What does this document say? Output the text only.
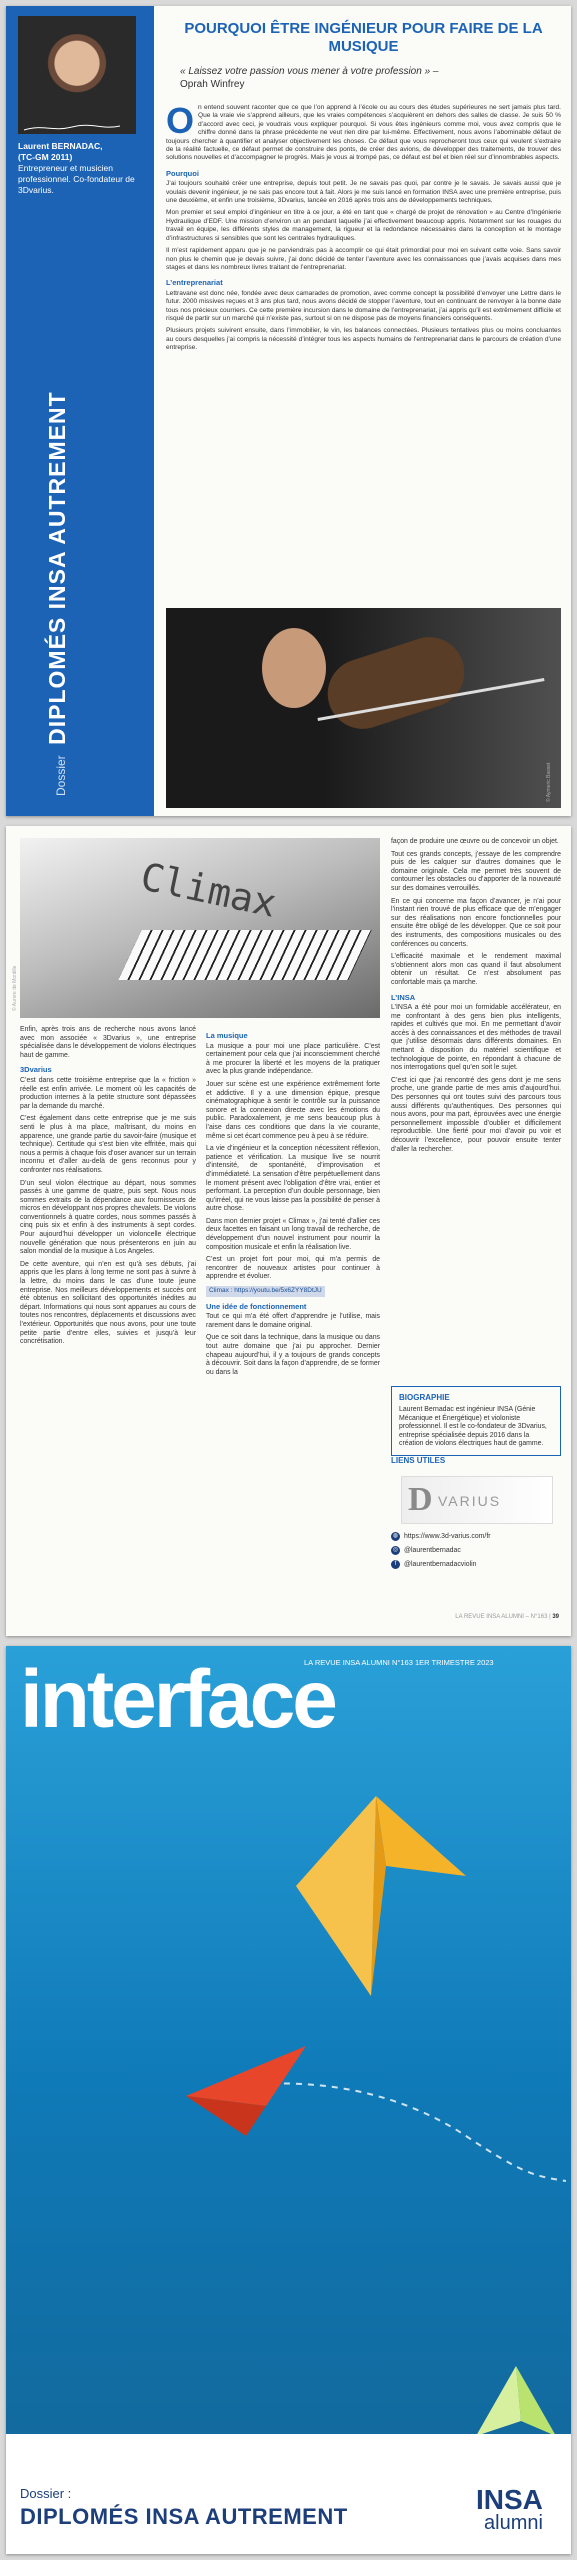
Laurent BERNADAC,
(TC-GM 2011)
Entrepreneur et musicien professionnel. Co-fondateur de 3Dvarius.
Dossier DIPLOMÉS INSA AUTREMENT
POURQUOI ÊTRE INGÉNIEUR POUR FAIRE DE LA MUSIQUE
« Laissez votre passion vous mener à votre profession » –
Oprah Winfrey

On entend souvent raconter que ce que l’on apprend à l’école ou au cours des études supérieures ne sert jamais plus tard. Que la vraie vie s’apprend ailleurs, que les vraies compétences s’acquièrent en dehors des salles de classe. Je suis 50 % d’accord avec ceci, je voudrais vous expliquer pourquoi. Si vous êtes ingénieurs comme moi, vous avez compris que le chiffre donné dans la phrase précédente ne veut rien dire par lui-même. Effectivement, nous avons l’abominable défaut de toujours chercher à quantifier et analyser objectivement les choses. Ce défaut que vous reprocheront tous ceux qui veulent s’extraire de la réalité factuelle, ce défaut permet de construire des ponts, de créer des avions, de développer des traitements, de trouver des solutions nouvelles et d’accompagner le progrès. Mais je vous ai trompé pas, ce défaut est bel et bien réel sur d’innombrables aspects.

Pourquoi

J’ai toujours souhaité créer une entreprise, depuis tout petit. Je ne savais pas quoi, par contre je le savais. Je savais aussi que je voulais devenir ingénieur, je ne sais pas encore tout à fait. Alors je me suis lancé en formation INSA avec une première entreprise, puis une deuxième, et enfin une troisième, 3Dvarius, lancée en 2016 après trois ans de développements techniques.

Mon premier et seul emploi d’ingénieur en titre à ce jour, a été en tant que « chargé de projet de rénovation » au Centre d’Ingénierie Hydraulique d’EDF. Une mission d’environ un an pendant laquelle j’ai effectivement beaucoup appris. Notamment sur les rouages du travail en équipe, les différents styles de management, la rigueur et la redondance nécessaires dans la conception et le montage d’infrastructures si sensibles que sont les centrales hydrauliques.

Il m’est rapidement apparu que je ne parviendrais pas à accomplir ce qui était primordial pour moi en suivant cette voie. Sans savoir non plus le chemin que je devais suivre, j’ai donc décidé de tenter l’aventure avec les connaissances que j’avais acquises dans mes stages et dans les nombreux livres traitant de l’entreprenariat.

L’entreprenariat

Lettravane est donc née, fondée avec deux camarades de promotion, avec comme concept la possibilité d’envoyer une Lettre dans le futur. 2000 missives reçues et 3 ans plus tard, nous avons décidé de stopper l’aventure, tout en continuant de renvoyer à la bonne date tous nos précieux courriers. Ce cette première incursion dans le domaine de l’entreprenariat, j’ai appris qu’il est extrêmement difficile et risqué de partir sur un marché qui n’existe pas, surtout si on ne dispose pas de moyens financiers conséquents.

Plusieurs projets suivirent ensuite, dans l’immobilier, le vin, les balances connectées. Plusieurs tentatives plus ou moins concluantes au cours desquelles j’ai compris la nécessité d’intégrer tous les aspects humains de l’entreprenariat dans le parcours de création d’une entreprise.

© Aymeric Basset
Climax
© Aurore de Montille

Enfin, après trois ans de recherche nous avons lancé avec mon associée « 3Dvarius », une entreprise spécialisée dans le développement de violons électriques haut de gamme.

3Dvarius

C’est dans cette troisième entreprise que la « friction » réelle est enfin arrivée. Le moment où les capacités de production internes à la petite structure sont dépassées par la demande du marché.

C’est également dans cette entreprise que je me suis senti le plus à ma place, maîtrisant, du moins en apparence, une grande partie du savoir-faire (musique et technique). Certitude qui s’est bien vite effritée, mais qui nous a permis à chaque fois d’oser avancer sur un terrain inconnu et d’aller au-delà de gens reconnus pour y confronter nos réalisations.

D’un seul violon électrique au départ, nous sommes passés à une gamme de quatre, puis sept. Nous nous sommes extraits de la dépendance aux fournisseurs de micros en développant nos propres chevalets. De violons conventionnels à quatre cordes, nous sommes passés à cinq puis six et enfin à des instruments à sept cordes. Pour aujourd’hui développer un violoncelle électrique nouvelle génération que nous présenterons en juin au salon mondial de la musique à Los Angeles.

De cette aventure, qui n’en est qu’à ses débuts, j’ai appris que les plans à long terme ne sont pas à suivre à la lettre, du moins dans le cas d’une toute jeune entreprise. Nos meilleurs développements et succès ont été obtenus en sollicitant des opportunités inédites au départ. Informations qui nous sont apparues au cours de toutes nos rencontres, déplacements et discussions avec l’extérieur. Opportunités que nous avons, pour une toute petite partie d’entre elles, suivies et jusqu’à leur concrétisation.

La musique

La musique a pour moi une place particulière. C’est certainement pour cela que j’ai inconsciemment cherché à me procurer la liberté et les moyens de la pratiquer avec la plus grande indépendance.

Jouer sur scène est une expérience extrêmement forte et addictive. Il y a une dimension épique, presque cinématographique à sentir le contrôle sur la puissance sonore et la connexion directe avec les émotions du public. Paradoxalement, je me sens beaucoup plus à l’aise dans ces conditions que dans la vie courante, même si cet écart commence peu à peu à se réduire.

La vie d’ingénieur et la conception nécessitent réflexion, patience et vérification. La musique live se nourrit d’intensité, de spontanéité, d’improvisation et d’immédiateté. La sensation d’être perpétuellement dans le moment présent avec l’obligation d’être vrai, entier et performant. La perception d’un double personnage, bien qu’irréel, qui ne vous laisse pas la possibilité de penser à autre chose.

Dans mon dernier projet « Climax », j’ai tenté d’allier ces deux facettes en faisant un long travail de recherche, de développement d’un nouvel instrument pour nourrir la composition musicale et enfin la réalisation live.

C’est un projet fort pour moi, qui m’a permis de rencontrer de nouveaux artistes pour continuer à apprendre et évoluer.

Climax : https://youtu.be/5x6ZYY8DtJU

Une idée de fonctionnement

Tout ce qui m’a été offert d’apprendre je l’utilise, mais rarement dans le domaine original.

Que ce soit dans la technique, dans la musique ou dans tout autre domaine que j’ai pu approcher. Dernier chapeau aujourd’hui, il y a toujours de grands concepts à découvrir. Soit dans la façon d’apprendre, de se former ou dans la

façon de produire une œuvre ou de concevoir un objet.

Tout ces grands concepts, j’essaye de les comprendre puis de les calquer sur d’autres domaines que le domaine originale. Cela me permet très souvent de contourner les obstacles ou d’apporter de la nouveauté sur des domaines verrouillés.

En ce qui concerne ma façon d’avancer, je n’ai pour l’instant rien trouvé de plus efficace que de m’engager sur des réalisations non encore fonctionnelles pour ensuite être obligé de les développer. Que ce soit pour des instruments, des compositions musicales ou des conférences ou concerts.

L’efficacité maximale et le rendement maximal s’obtiennent alors mon cas quand il faut absolument obtenir un résultat. Ce n’est absolument pas confortable mais ça marche.

L’INSA

L’INSA a été pour moi un formidable accélérateur, en me confrontant à des gens bien plus intelligents, rapides et cultivés que moi. En me permettant d’avoir accès à des connaissances et des méthodes de travail que j’utilise désormais dans différents domaines. En mettant à disposition du matériel scientifique et technologique de pointe, en répondant à chacune de nos interrogations quel qu’en soit le sujet.

C’est ici que j’ai rencontré des gens dont je me sens proche, une grande partie de mes amis d’aujourd’hui. Des personnes qui ont toutes suivi des parcours tous aussi différents qu’authentiques. Des personnes qui nous avons, pour ma part, éprouvées avec une énergie personnellement impossible d’oublier et difficilement reproductible. Une fierté pour moi d’avoir pu voir et découvrir l’excellence, pour pouvoir ensuite tenter d’aller la rechercher.

BIOGRAPHIE
Laurent Bernadac est ingénieur INSA (Génie Mécanique et Énergétique) et violoniste professionnel. Il est le co-fondateur de 3Dvarius, entreprise spécialisée depuis 2016 dans la création de violons électriques haut de gamme.
LIENS UTILES
D VARIUS
◍ https://www.3d-varius.com/fr
◎ @laurentbernadac
f	@laurentbernadacviolin
LA REVUE INSA ALUMNI – N°163 | 39
interface
LA REVUE INSA ALUMNI N°163 1ER TRIMESTRE 2023
Dossier :
DIPLOMÉS INSA AUTREMENT
INSA
alumni
